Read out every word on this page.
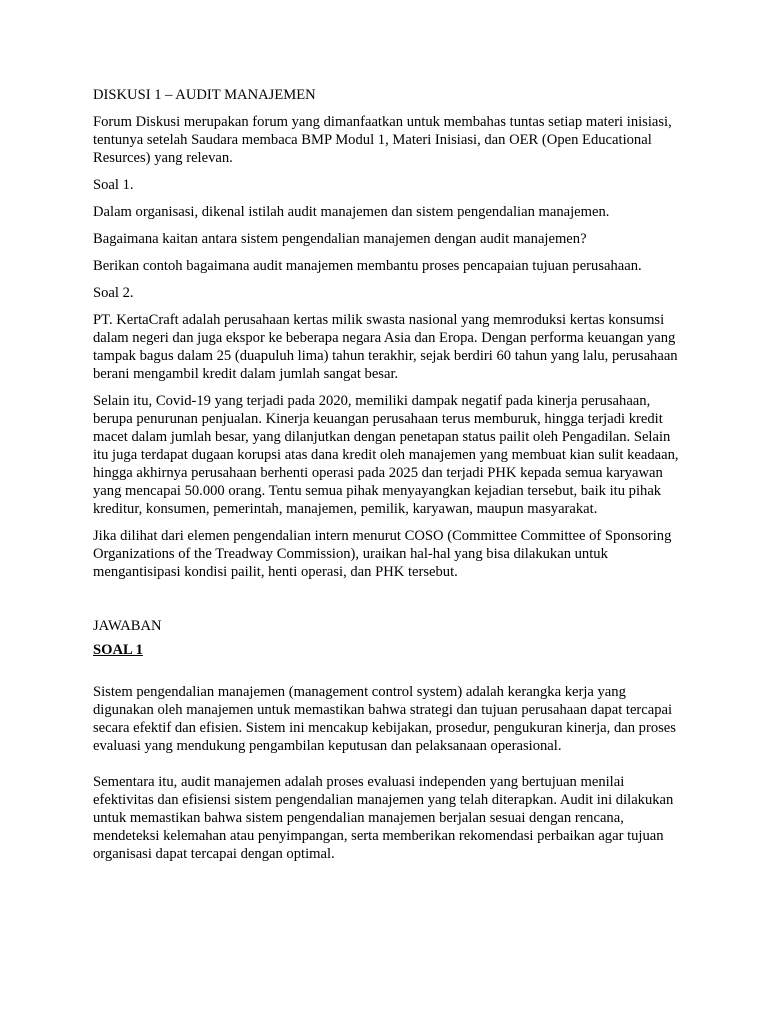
DISKUSI 1 – AUDIT MANAJEMEN

Forum Diskusi merupakan forum yang dimanfaatkan untuk membahas tuntas setiap materi inisiasi, tentunya setelah Saudara membaca BMP Modul 1, Materi Inisiasi, dan OER (Open Educational Resurces) yang relevan.

Soal 1.

Dalam organisasi, dikenal istilah audit manajemen dan sistem pengendalian manajemen.

Bagaimana kaitan antara sistem pengendalian manajemen dengan audit manajemen?

Berikan contoh bagaimana audit manajemen membantu proses pencapaian tujuan perusahaan.

Soal 2.

PT. KertaCraft adalah perusahaan kertas milik swasta nasional yang memroduksi kertas konsumsi dalam negeri dan juga ekspor ke beberapa negara Asia dan Eropa. Dengan performa keuangan yang tampak bagus dalam 25 (duapuluh lima) tahun terakhir, sejak berdiri 60 tahun yang lalu, perusahaan berani mengambil kredit dalam jumlah sangat besar.

Selain itu, Covid-19 yang terjadi pada 2020, memiliki dampak negatif pada kinerja perusahaan, berupa penurunan penjualan. Kinerja keuangan perusahaan terus memburuk, hingga terjadi kredit macet dalam jumlah besar, yang dilanjutkan dengan penetapan status pailit oleh Pengadilan. Selain itu juga terdapat dugaan korupsi atas dana kredit oleh manajemen yang membuat kian sulit keadaan, hingga akhirnya perusahaan berhenti operasi pada 2025 dan terjadi PHK kepada semua karyawan yang mencapai 50.000 orang. Tentu semua pihak menyayangkan kejadian tersebut, baik itu pihak kreditur, konsumen, pemerintah, manajemen, pemilik, karyawan, maupun masyarakat.

Jika dilihat dari elemen pengendalian intern menurut COSO (Committee Committee of Sponsoring Organizations of the Treadway Commission), uraikan hal-hal yang bisa dilakukan untuk mengantisipasi kondisi pailit, henti operasi, dan PHK tersebut.

JAWABAN

SOAL 1

Sistem pengendalian manajemen (management control system) adalah kerangka kerja yang digunakan oleh manajemen untuk memastikan bahwa strategi dan tujuan perusahaan dapat tercapai secara efektif dan efisien. Sistem ini mencakup kebijakan, prosedur, pengukuran kinerja, dan proses evaluasi yang mendukung pengambilan keputusan dan pelaksanaan operasional.

Sementara itu, audit manajemen adalah proses evaluasi independen yang bertujuan menilai efektivitas dan efisiensi sistem pengendalian manajemen yang telah diterapkan. Audit ini dilakukan untuk memastikan bahwa sistem pengendalian manajemen berjalan sesuai dengan rencana, mendeteksi kelemahan atau penyimpangan, serta memberikan rekomendasi perbaikan agar tujuan organisasi dapat tercapai dengan optimal.
